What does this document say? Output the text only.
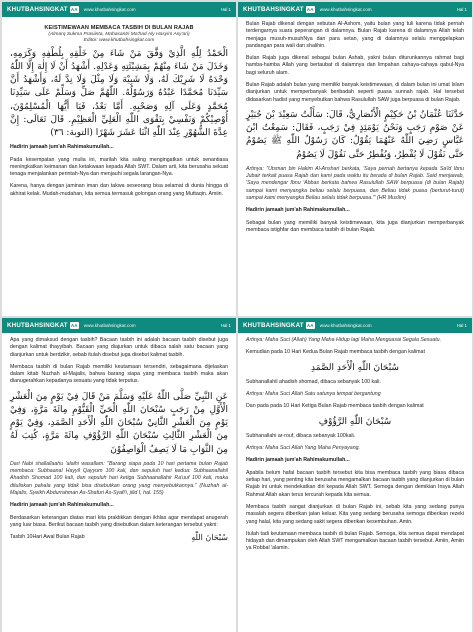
KHUTBAHSINGKAT AA www.khutbahsingkat.com	Hal 1
KEISTIMEWAAN MEMBACA TASBIH DI BULAN RAJAB
(Almarq Sukma Prasiinta, Mahasantri Ma'had Aly Hasyim Asy'ari)
Editor: www.khutbahsingkat.com
الْحَمْدُ لِلّٰهِ الَّذِيْ وَفَّقَ مَنْ شَاءَ مِنْ خَلْقِهِ بِلُطْفِهِ وَكَرَمِهِ، وَخَذَلَ مَنْ شَاءَ مِنْهُمْ بِمَشِيْئَتِهِ وَعَدْلِهِ. أَشْهَدُ أَنْ لَا إِلٰهَ إِلَّا اللّٰهُ وَحْدَهُ لَا شَرِيْكَ لَهُ، وَلَا شَبِيْهَ وَلَا مِثْلَ وَلَا نِدَّ لَهُ، وَأَشْهَدُ أَنَّ سَيِّدَنَا مُحَمَّدًا عَبْدُهُ وَرَسُوْلُهُ. اللّٰهُمَّ صَلِّ وَسَلِّمْ عَلَى سَيِّدِنَا مُحَمَّدٍ وَعَلَى آلِهِ وَصَحْبِهِ. أَمَّا بَعْدُ، فَيَا أَيُّهَا الْمُسْلِمُوْنَ، أُوْصِيْكُمْ وَنَفْسِيْ بِتَقْوَى اللّٰهِ الْعَلِيِّ الْعَظِيْمِ. قَالَ تَعَالَى: إِنَّ عِدَّةَ الشُّهُوْرِ عِنْدَ اللّٰهِ اثْنَا عَشَرَ شَهْرًا (التوبة: ٣٦)
Hadirin jamaah jum'ah Rahimakumullah...
Pada kesempatan yang mulia ini, marilah kita saling mengingatkan untuk senantiasa meningkatkan keimanan dan ketakwaan kepada Allah SWT. Dalam arti, kita berusaha sekuat tenaga menjalankan perintah-Nya dan menjauhi segala larangan-Nya.
Karena, hanya dengan jaminan iman dan takwa seseorang bisa selamat di dunia hingga di akhirat kelak. Mudah-mudahan, kita semua termasuk golongan orang yang Muttaqin. Amiin.
KHUTBAHSINGKAT AA www.khutbahsingkat.com	Hal 1
Bulan Rajab dikenal dengan sebutan Al-Ashom, yaitu bulan yang tuli karena tidak pernah terdengarnya suara peperangan di dalamnya. Bulan Rajab karena di dalamnya Allah telah menjaga musuh-musuhNya dan para setan, yang di dalamnya selalu menggelapkan pandangan para wali dan shalihin.
Bulan Rajab juga dikenal sebagai bulan Ashab, yakni bulan diturunkannya rahmat bagi hamba-hamba Allah yang bertaubat di dalamnya dan limpahan cahaya-cahaya qabul-Nya bagi seluruh alam.
Bulan Rajab adalah bulan yang memiliki banyak keistimewaan, di dalam bulan ini umat Islam dianjurkan untuk memperbanyak beribadah seperti puasa sunnah rajab. Hal tersebut didasarkan hadist yang menyebutkan bahwa Rasulullah SAW juga berpuasa di bulan Rajab.
حَدَّثَنَا عُثْمَانُ بْنُ حَكِيْمٍ الْأَنْصَارِيُّ، قَالَ: سَأَلْتُ سَعِيْدَ بْنَ جُبَيْرٍ عَنْ صَوْمِ رَجَبٍ وَنَحْنُ يَوْمَئِذٍ فِيْ رَجَبٍ، فَقَالَ: سَمِعْتُ ابْنَ عَبَّاسٍ رَضِيَ اللّٰهُ عَنْهُمَا يَقُوْلُ: كَانَ رَسُوْلُ اللّٰهِ ﷺ يَصُوْمُ حَتَّى نَقُوْلَ لَا يُفْطِرُ، وَيُفْطِرُ حَتَّى نَقُوْلَ لَا يَصُوْمُ
Artinya: "Utsman bin Hakim Al-Anshari berkata, 'Saya pernah bertanya kepada Sa'id Ibnu Jubair terkait puasa Rajab dan kami pada waktu itu berada di bulan Rajab. Said menjawab, 'Saya mendengar Ibnu 'Abbas berkata bahwa Rasulullah SAW berpuasa (di bulan Rajab) sampai kami menyangka beliau selalu berpuasa, dan Beliau tidak puasa (berturut-turut) sampai kami menyangka Beliau selalu tidak berpuasa.'" (HR Muslim)
Hadirin jamaah jum'ah Rahimakumullah...
Sebagai bulan yang memiliki banyak keistimewaan, kita juga dianjurkan memperbanyak membaca istighfar dan membaca tasbih di bulan Rajab.
KHUTBAHSINGKAT AA www.khutbahsingkat.com	Hal 1
Apa yang dimaksud dengan tasbih? Bacaan tasbih ini adalah bacaan tasbih disebut juga dengan kalimat thayyibah. Bacaan yang diajurkan untuk dibaca salah satu bacaan yang dianjurkan untuk berdzikir, sebab itulah disebut juga disebut kalimat tasbih.
Membaca tasbih di bulan Rajab memiliki keutamaan tersendiri, sebagaimana dijelaskan dalam kitab Nuzhah al-Majalis, bahwa barang siapa yang membaca tasbih maka akan dianugerahkan kepadanya sesuatu yang tidak terputus.
عَنِ النَّبِيِّ صَلَّى اللّٰهُ عَلَيْهِ وَسَلَّمَ مَنْ قَالَ فِيْ يَوْمٍ مِنَ الْعَشْرِ الْأَوَّلِ مِنْ رَجَبٍ سُبْحَانَ اللّٰهِ الْحَيِّ الْقَيُّوْمِ مِائَةَ مَرَّةٍ، وَفِيْ يَوْمٍ مِنَ الْعَشْرِ الثَّانِيْ سُبْحَانَ اللّٰهِ الْأَحَدِ الصَّمَدِ، وَفِيْ يَوْمٍ مِنَ الْعَشْرِ الثَّالِثِ سُبْحَانَ اللّٰهِ الرَّؤُوْفِ مِائَةَ مَرَّةٍ، كُتِبَ لَهُ مِنَ الثَّوَابِ مَا لَا يَصِفُ الْوَاصِفُوْنَ
Dari Nabi shallallaahu 'alaihi wasallam: "Barang siapa pada 10 hari pertama bulan Rajab membaca: Subhaanal Hayyil Qayyum 100 kali, dan sepuluh hari kedua: Subhaanallahil Ahadish Shomad 100 kali, dan sepuluh hari ketiga Subhaanallahir Ra'uuf 100 kali, maka dituliskan pahala yang tidak bisa disebutkan orang yang menyebutkannya." (Nuzhah al-Majalis, Syeikh Abdurrahman As-Shafuri As-Syafi'i, jilid I, hal. 155)
Hadirin jamaah jum'ah Rahimakumullah...
Berdasarkan keterangan diatas mari kita praktikkan dengan ikhlas agar mendapat anugerah yang luar biasa. Berikut bacaan tasbih yang disebutkan dalam keterangan tersebut yakni:
Tasbih 10Hari Awal Bulan Rajab	سُبْحَانَ اللّٰهِ
KHUTBAHSINGKAT AA www.khutbahsingkat.com	Hal 1
Artinya: Maha Suci (Allah) Yang Maha Hidup lagi Maha Menguasai Segala Sesuatu.
Kemudian pada 10 Hari Kedua Bulan Rajab membaca tasbih dengan kalimat
سُبْحَانَ اللّٰهِ الْأَحَدِ الصَّمَدِ
Subhanallahil ahadish shomad, dibaca sebanyak 100 kali.
Artinya: Maha Suci Allah Satu satunya tempat bergantung
Dan pada pada 10 Hari Ketiga Bulan Rajab membaca tasbih dengan kalimat
سُبْحَانَ اللّٰهِ الرَّؤُوْفِ
Subhanallahi ar-rouf, dibaca sebanyak 100kali.
Artinya: Maha Suci Allah Yang Maha Penyayang.
Hadirin jamaah jum'ah Rahimakumullah...
Apabila belum hafal bacaan tasbih tersebut kita bisa membaca tasbih yang biasa dibaca setiap hari, yang penting kita berusaha mengamalkan bacaan tasbih yang dianjurkan di bulan Rajab ini untuk mendekatkan diri kepada Allah SWT. Semoga dengan demikian Insya Allah Rahmat Allah akan terus tercurah kepada kita semua.
Membaca tasbih sangat dianjurkan di bulan Rajab ini, sebab kita yang sedang punya masalah segera diberikan jalan keluar. Kita yang sedang berusaha semoga diberikan rezeki yang halal, kita yang sedang sakit segera diberikan kesembuhan. Amin.
Itulah tadi keutamaan membaca tasbih di bulan Rajab. Semoga, kita semua dapat mendapat hidayah dan dimampukan oleh Allah SWT mengamalkan bacaan tasbih tersebut. Amiin, Amiin ya Robbal 'alamin.
